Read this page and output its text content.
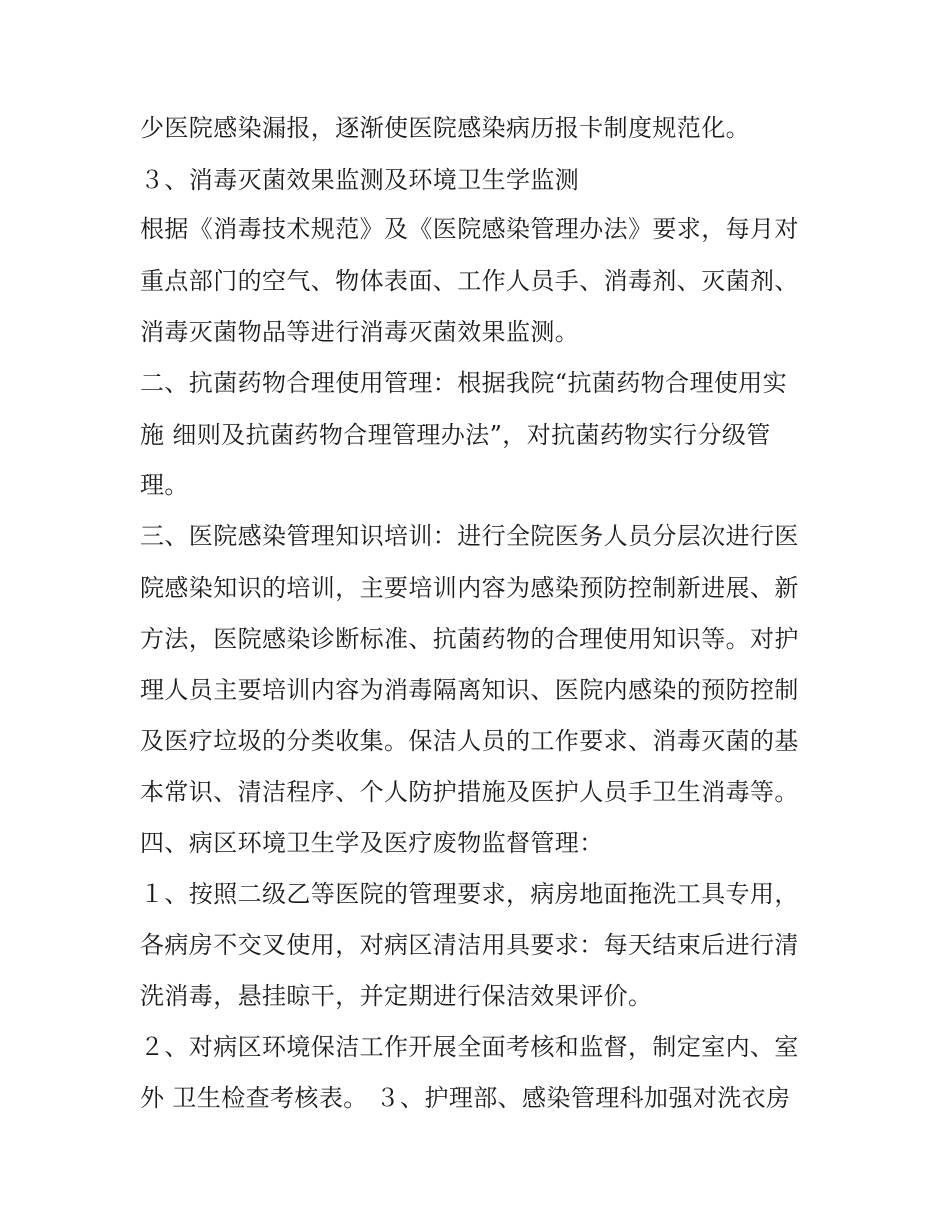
少医院感染漏报，逐渐使医院感染病历报卡制度规范化。
３、消毒灭菌效果监测及环境卫生学监测
根据《消毒技术规范》及《医院感染管理办法》要求，每月对
重点部门的空气、物体表面、工作人员手、消毒剂、灭菌剂、
消毒灭菌物品等进行消毒灭菌效果监测。
二、抗菌药物合理使用管理：根据我院“抗菌药物合理使用实
施 细则及抗菌药物合理管理办法”，对抗菌药物实行分级管
理。
三、医院感染管理知识培训：进行全院医务人员分层次进行医
院感染知识的培训，主要培训内容为感染预防控制新进展、新
方法，医院感染诊断标准、抗菌药物的合理使用知识等。对护
理人员主要培训内容为消毒隔离知识、医院内感染的预防控制
及医疗垃圾的分类收集。保洁人员的工作要求、消毒灭菌的基
本常识、清洁程序、个人防护措施及医护人员手卫生消毒等。
四、病区环境卫生学及医疗废物监督管理：
１、按照二级乙等医院的管理要求，病房地面拖洗工具专用，
各病房不交叉使用，对病区清洁用具要求：每天结束后进行清
洗消毒，悬挂晾干，并定期进行保洁效果评价。
２、对病区环境保洁工作开展全面考核和监督，制定室内、室
外 卫生检查考核表。 ３、护理部、感染管理科加强对洗衣房
